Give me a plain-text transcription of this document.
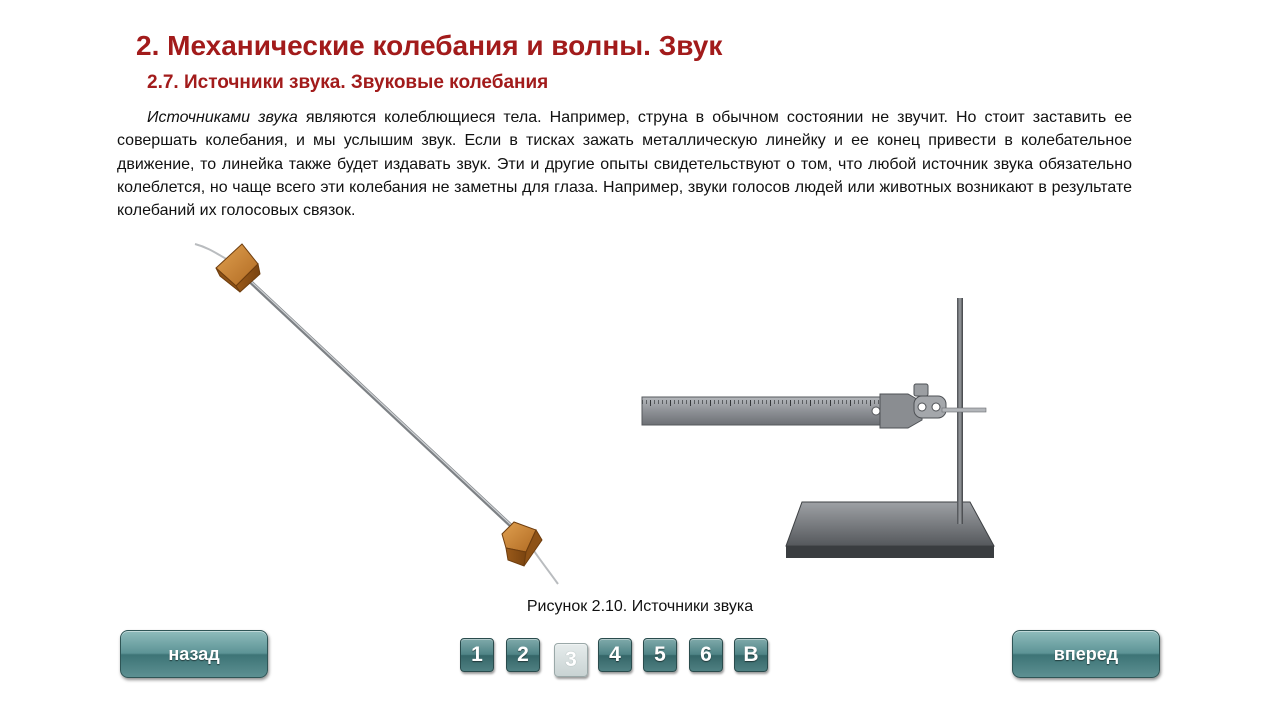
2. Механические колебания и волны. Звук
2.7. Источники звука. Звуковые колебания

Источниками звука являются колеблющиеся тела. Например, струна в обычном состоянии не звучит. Но стоит заставить ее совершать колебания, и мы услышим звук. Если в тисках зажать металлическую линейку и ее конец привести в колебательное движение, то линейка также будет издавать звук. Эти и другие опыты свидетельствуют о том, что любой источник звука обязательно колеблется, но чаще всего эти колебания не заметны для глаза. Например, звуки голосов людей или животных возникают в результате колебаний их голосовых связок.

Рисунок 2.10. Источники звука
назад	1	2	3	4	5	6	В	вперед
